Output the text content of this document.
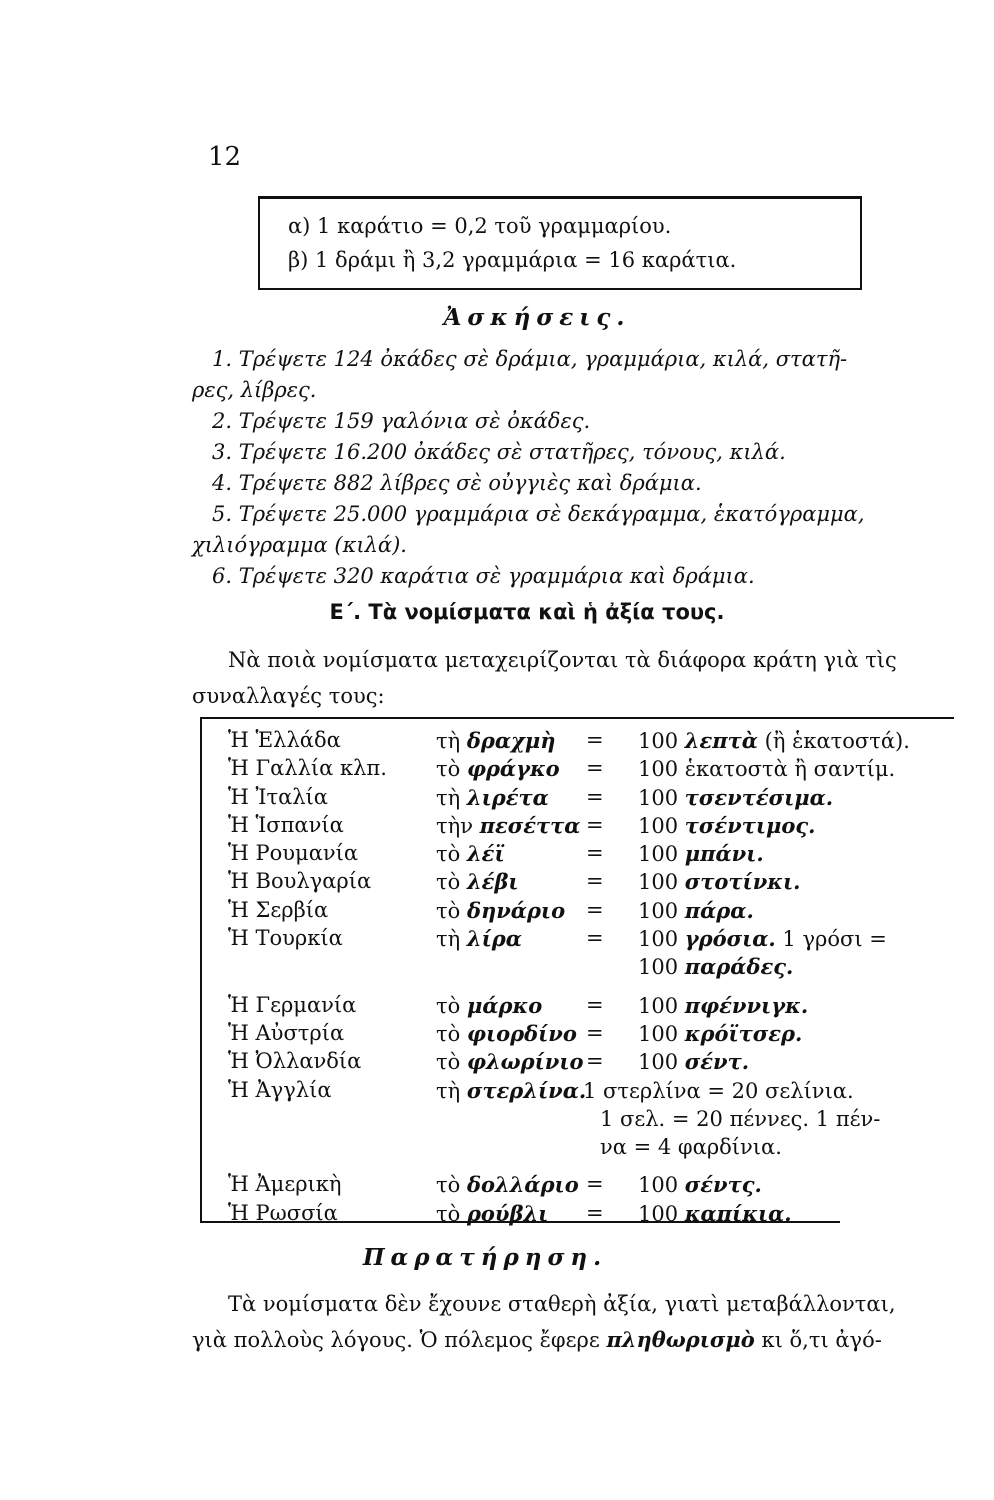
12
α) 1 καράτιο = 0,2 τοῦ γραμμαρίου.
β) 1 δράμι ἢ 3,2 γραμμάρια = 16 καράτια.
Ἀσκήσεις.

1. Τρέψετε 124 ὀκάδες σὲ δράμια, γραμμάρια, κιλά, στατῆ-

ρες, λίβρες.

2. Τρέψετε 159 γαλόνια σὲ ὀκάδες.

3. Τρέψετε 16.200 ὀκάδες σὲ στατῆρες, τόνους, κιλά.

4. Τρέψετε 882 λίβρες σὲ οὐγγιὲς καὶ δράμια.

5. Τρέψετε 25.000 γραμμάρια σὲ δεκάγραμμα, ἑκατόγραμμα,

χιλιόγραμμα (κιλά).

6. Τρέψετε 320 καράτια σὲ γραμμάρια καὶ δράμια.

Ε΄. Τὰ νομίσματα καὶ ἡ ἀξία τους.

Νὰ ποιὰ νομίσματα μεταχειρίζονται τὰ διάφορα κράτη γιὰ τὶς

συναλλαγές τους:

Ἡ Ἑλλάδα	τὴ δραχμὴ = 100 λεπτὰ (ἢ ἑκατοστά).
Ἡ Γαλλία κλπ. τὸ φράγκο = 100 ἑκατοστὰ ἢ σαντίμ.
Ἡ Ἰταλία	τὴ λιρέτα = 100 τσεντέσιμα.
Ἡ Ἱσπανία	τὴν πεσέττα = 100 τσέντιμος.
Ἡ Ρουμανία	τὸ λέϊ	= 100 μπάνι.
Ἡ Βουλγαρία	τὸ λέβι	= 100 στοτίνκι.
Ἡ Σερβία	τὸ δηνάριο = 100 πάρα.
Ἡ Τουρκία	τὴ λίρα	= 100 γρόσια. 1 γρόσι =
100 παράδες.
Ἡ Γερμανία	τὸ μάρκο = 100 πφέννιγκ.
Ἡ Αὐστρία	τὸ φιορδίνο = 100 κρόϊτσερ.
Ἡ Ὀλλανδία	τὸ φλωρίνιο = 100 σέντ.
Ἡ Ἀγγλία	τὴ στερλίνα.
1 στερλίνα = 20 σελίνια.
1 σελ. = 20 πέννες. 1 πέν-
να = 4 φαρδίνια.
Ἡ Ἀμερικὴ	τὸ δολλάριο = 100 σέντς.
Ἡ Ρωσσία	τὸ ρούβλι = 100 καπίκια.
Παρατήρηση.

Τὰ νομίσματα δὲν ἔχουνε σταθερὴ ἀξία, γιατὶ μεταβάλλονται,

γιὰ πολλοὺς λόγους. Ὁ πόλεμος ἔφερε πληθωρισμὸ κι ὅ,τι ἀγό-
